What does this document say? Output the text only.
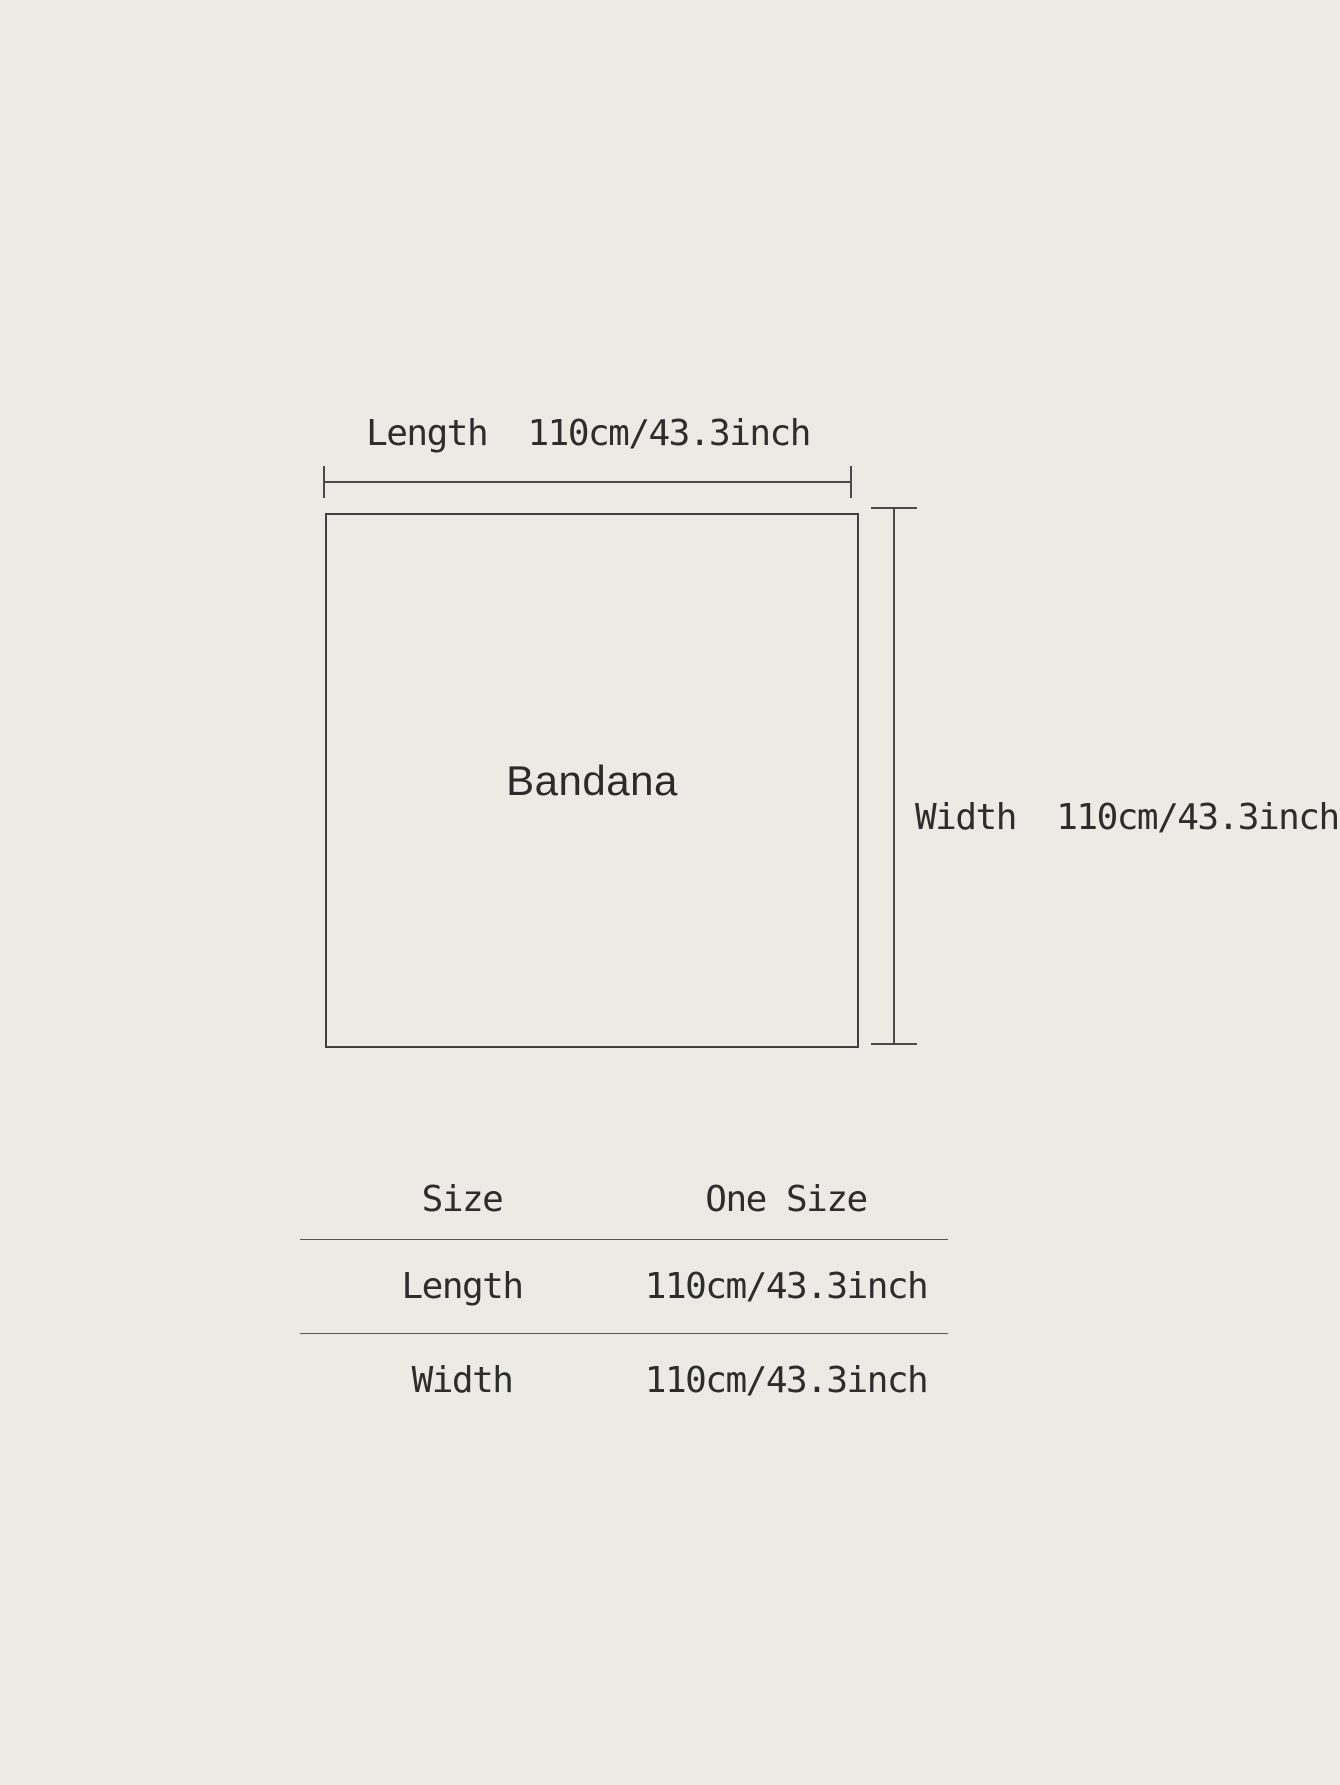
Length  110cm/43.3inch
Bandana
Width  110cm/43.3inch
Size	One Size
Length	110cm/43.3inch
Width	110cm/43.3inch
